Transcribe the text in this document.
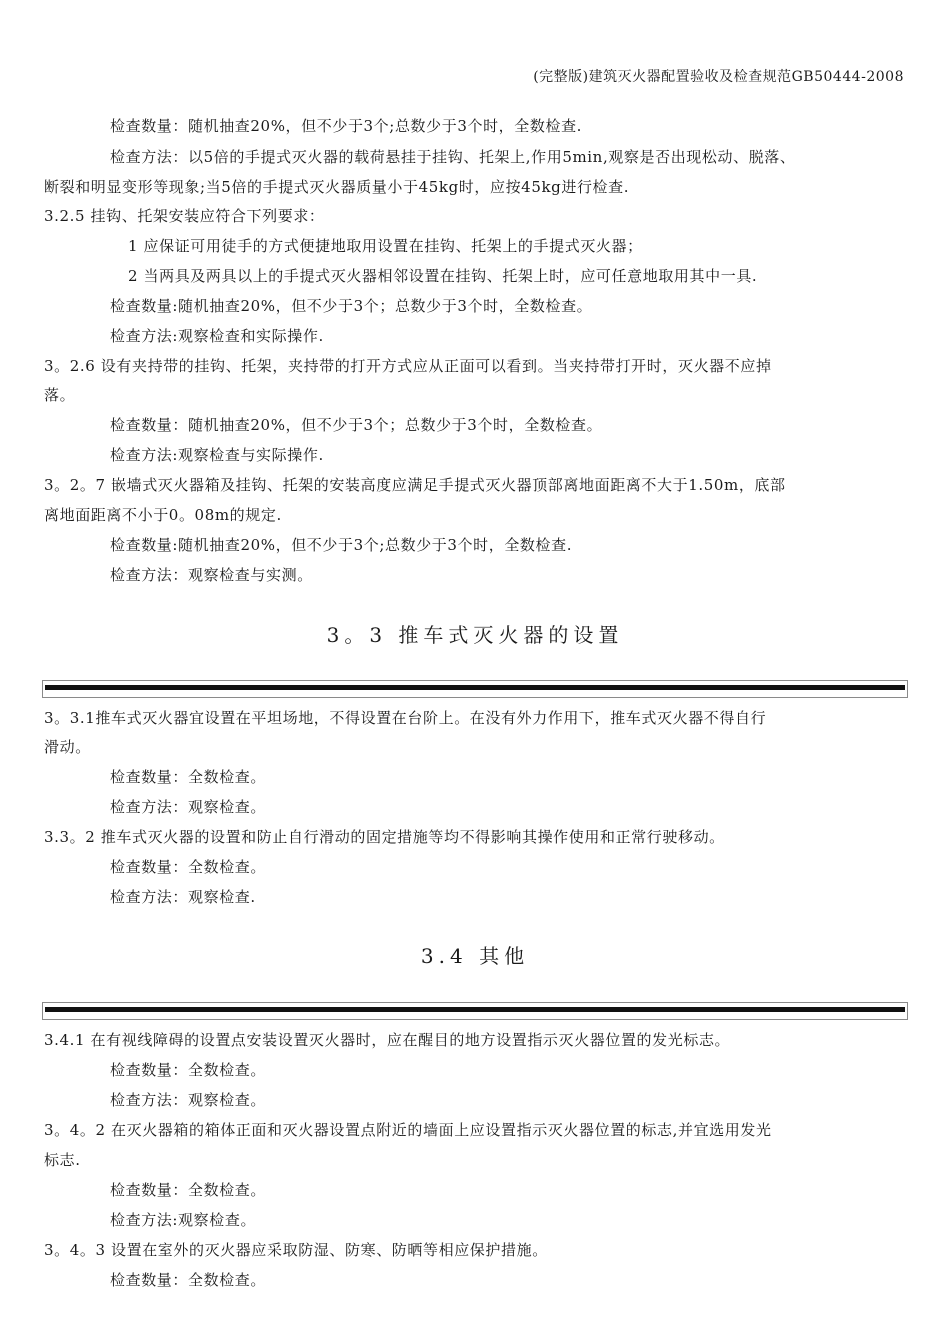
(完整版)建筑灭火器配置验收及检查规范GB50444-2008
检查数量：随机抽查20%，但不少于3个;总数少于3个时，全数检查.
检查方法：以5倍的手提式灭火器的载荷悬挂于挂钩、托架上,作用5min,观察是否出现松动、脱落、
断裂和明显变形等现象;当5倍的手提式灭火器质量小于45kg时，应按45kg进行检查.
3.2.5 挂钩、托架安装应符合下列要求：
1 应保证可用徒手的方式便捷地取用设置在挂钩、托架上的手提式灭火器；
2 当两具及两具以上的手提式灭火器相邻设置在挂钩、托架上时，应可任意地取用其中一具.
检查数量:随机抽查20%，但不少于3个；总数少于3个时，全数检查。
检查方法:观察检查和实际操作.
3。2.6 设有夹持带的挂钩、托架，夹持带的打开方式应从正面可以看到。当夹持带打开时，灭火器不应掉
落。
检查数量：随机抽查20%，但不少于3个；总数少于3个时，全数检查。
检查方法:观察检查与实际操作.
3。2。7 嵌墙式灭火器箱及挂钩、托架的安装高度应满足手提式灭火器顶部离地面距离不大于1.50m，底部
离地面距离不小于0。08m的规定.
检查数量:随机抽查20%，但不少于3个;总数少于3个时，全数检查.
检查方法：观察检查与实测。
3。3 推车式灭火器的设置
3。3.1推车式灭火器宜设置在平坦场地，不得设置在台阶上。在没有外力作用下，推车式灭火器不得自行
滑动。
检查数量：全数检查。
检查方法：观察检查。
3.3。2 推车式灭火器的设置和防止自行滑动的固定措施等均不得影响其操作使用和正常行驶移动。
检查数量：全数检查。
检查方法：观察检查.
3.4 其他
3.4.1 在有视线障碍的设置点安装设置灭火器时，应在醒目的地方设置指示灭火器位置的发光标志。
检查数量：全数检查。
检查方法：观察检查。
3。4。2 在灭火器箱的箱体正面和灭火器设置点附近的墙面上应设置指示灭火器位置的标志,并宜选用发光
标志.
检查数量：全数检查。
检查方法:观察检查。
3。4。3 设置在室外的灭火器应采取防湿、防寒、防晒等相应保护措施。
检查数量：全数检查。
